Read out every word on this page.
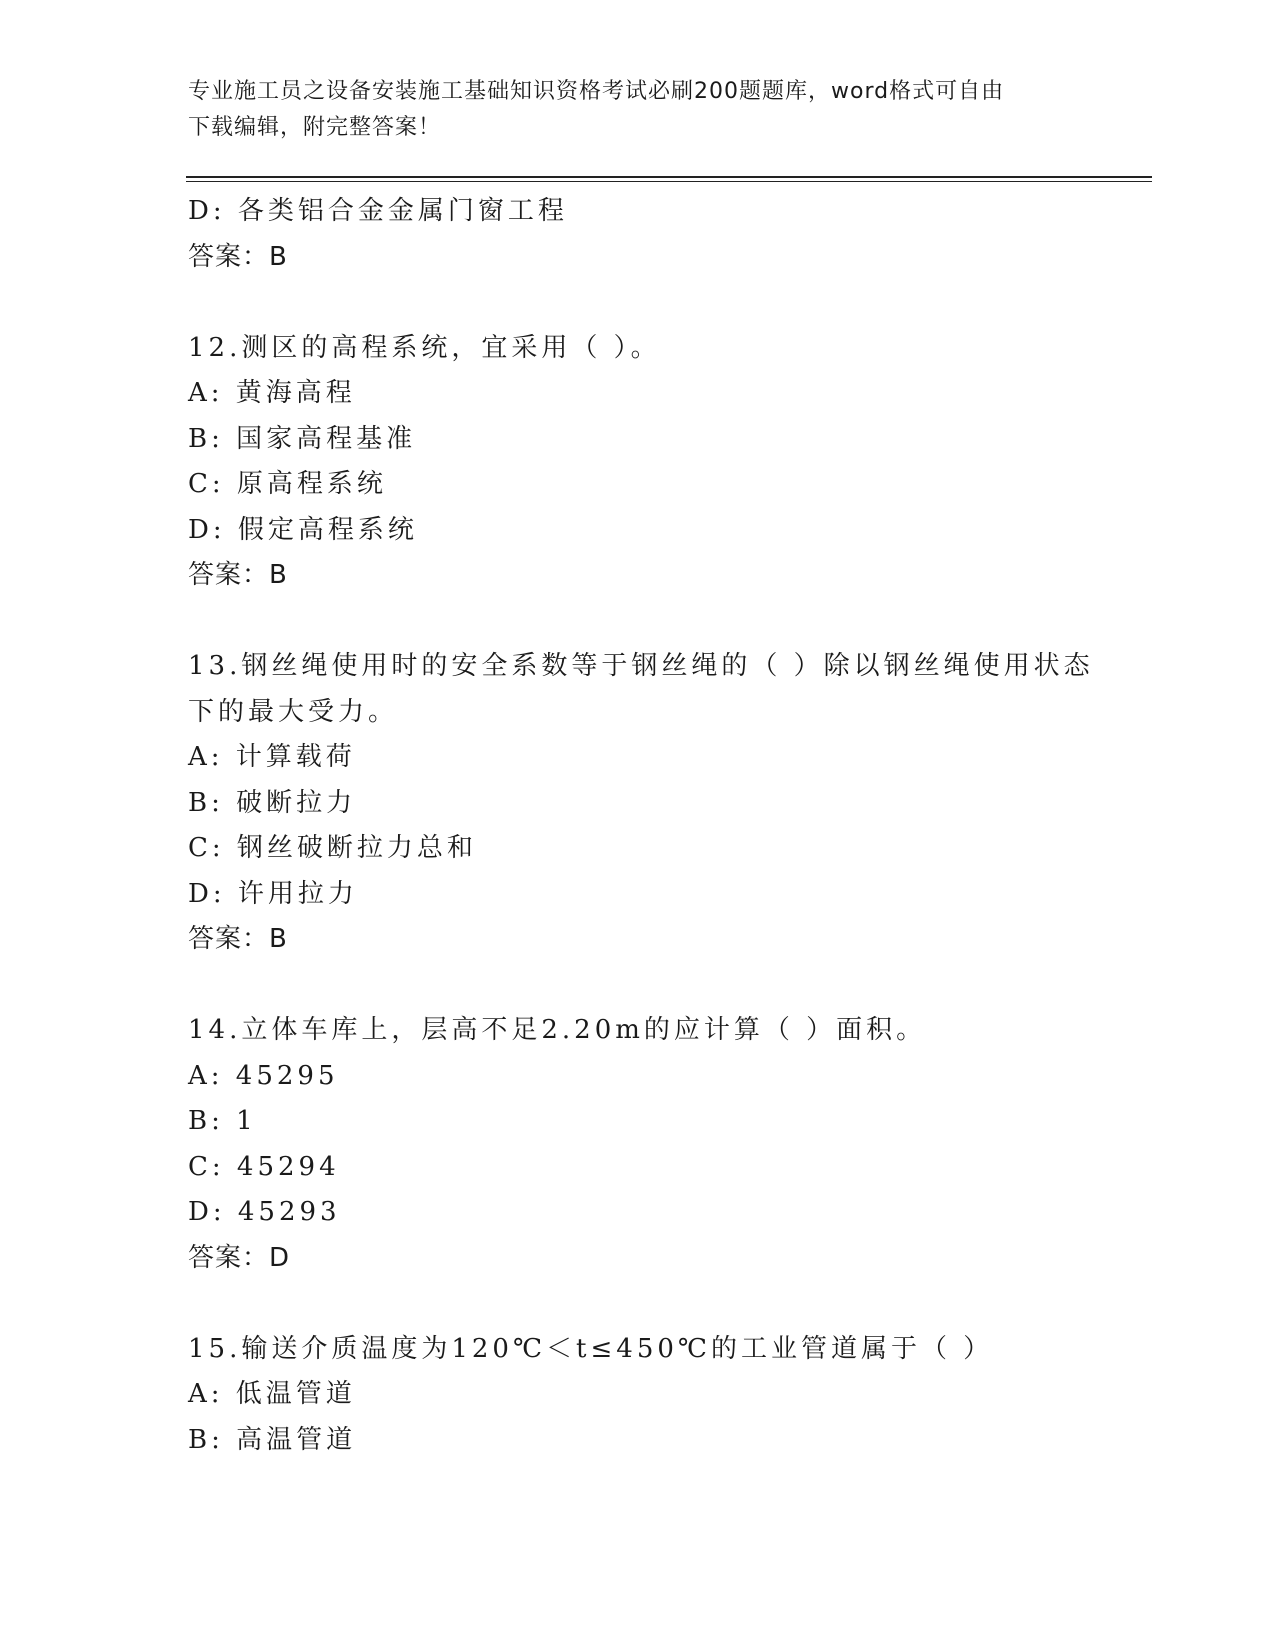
专业施工员之设备安装施工基础知识资格考试必刷200题题库，word格式可自由
下载编辑，附完整答案！
D: 各类铝合金金属门窗工程
答案：B
12.测区的高程系统，宜采用（ ）。
A: 黄海高程
B: 国家高程基准
C: 原高程系统
D: 假定高程系统
答案：B
13.钢丝绳使用时的安全系数等于钢丝绳的（ ）除以钢丝绳使用状态
下的最大受力。
A: 计算载荷
B: 破断拉力
C: 钢丝破断拉力总和
D: 许用拉力
答案：B
14.立体车库上，层高不足2.20m的应计算（ ）面积。
A: 45295
B: 1
C: 45294
D: 45293
答案：D
15.输送介质温度为120℃＜t≤450℃的工业管道属于（ ）
A: 低温管道
B: 高温管道
